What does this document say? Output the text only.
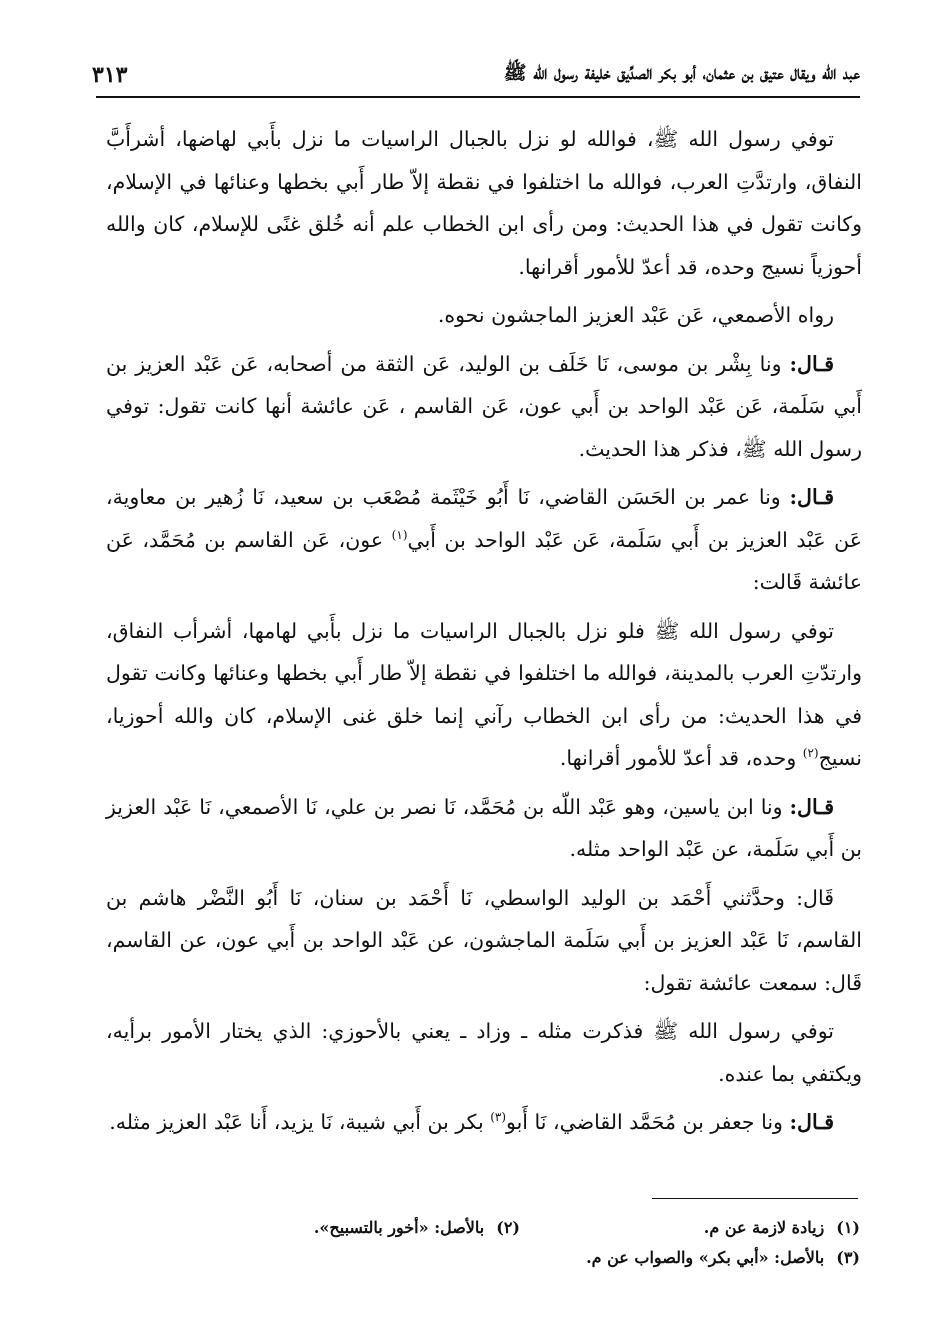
عبد الله ويقال عتيق بن عثمان، أبو بكر الصدِّيق خليفة رسول الله ﷺ
٣١٣

توفي رسول الله ﷺ، فوالله لو نزل بالجبال الراسيات ما نزل بأَبي لهاضها، أشرأَبَّ النفاق، وارتدَّتِ العرب، فوالله ما اختلفوا في نقطة إلاّ طار أَبي بخطها وعنائها في الإسلام، وكانت تقول في هذا الحديث: ومن رأى ابن الخطاب علم أنه خُلق غنًى للإسلام، كان والله أحوزياً نسيج وحده، قد أعدّ للأمور أقرانها.

رواه الأصمعي، عَن عَبْد العزيز الماجشون نحوه.

قـال: ونا بِشْر بن موسى، نَا خَلَف بن الوليد، عَن الثقة من أصحابه، عَن عَبْد العزيز بن أَبي سَلَمة، عَن عَبْد الواحد بن أَبي عون، عَن القاسم ، عَن عائشة أنها كانت تقول: توفي رسول الله ﷺ، فذكر هذا الحديث.

قـال: ونا عمر بن الحَسَن القاضي، نَا أَبُو خَيْثَمة مُصْعَب بن سعيد، نَا زُهير بن معاوية، عَن عَبْد العزيز بن أَبي سَلَمة، عَن عَبْد الواحد بن أَبي$^{(١)}$ عون، عَن القاسم بن مُحَمَّد، عَن عائشة قَالت:

توفي رسول الله ﷺ فلو نزل بالجبال الراسيات ما نزل بأَبي لهامها، أشرأب النفاق، وارتدّتِ العرب بالمدينة، فوالله ما اختلفوا في نقطة إلاّ طار أَبي بخطها وعنائها وكانت تقول في هذا الحديث: من رأى ابن الخطاب رآني إنما خلق غنى الإسلام، كان والله أحوزيا، نسيج$^{(٢)}$ وحده، قد أعدّ للأمور أقرانها.

قـال: ونا ابن ياسين، وهو عَبْد اللّه بن مُحَمَّد، نَا نصر بن علي، نَا الأصمعي، نَا عَبْد العزيز بن أَبي سَلَمة، عن عَبْد الواحد مثله.

قَال: وحدَّثني أَحْمَد بن الوليد الواسطي، نَا أَحْمَد بن سنان، نَا أَبُو النَّضْر هاشم بن القاسم، نَا عَبْد العزيز بن أَبي سَلَمة الماجشون، عن عَبْد الواحد بن أَبي عون، عن القاسم، قَال: سمعت عائشة تقول:

توفي رسول الله ﷺ فذكرت مثله ـ وزاد ـ يعني بالأحوزي: الذي يختار الأمور برأيه، ويكتفي بما عنده.

قـال: ونا جعفر بن مُحَمَّد القاضي، نَا أَبو$^{(٣)}$ بكر بن أَبي شيبة، نَا يزيد، أَنا عَبْد العزيز مثله.

(١)
زيادة لازمة عن م.
(٢)
بالأصل: «أخور بالتسبيح».
(٣)
بالأصل: «أبي بكر» والصواب عن م.
